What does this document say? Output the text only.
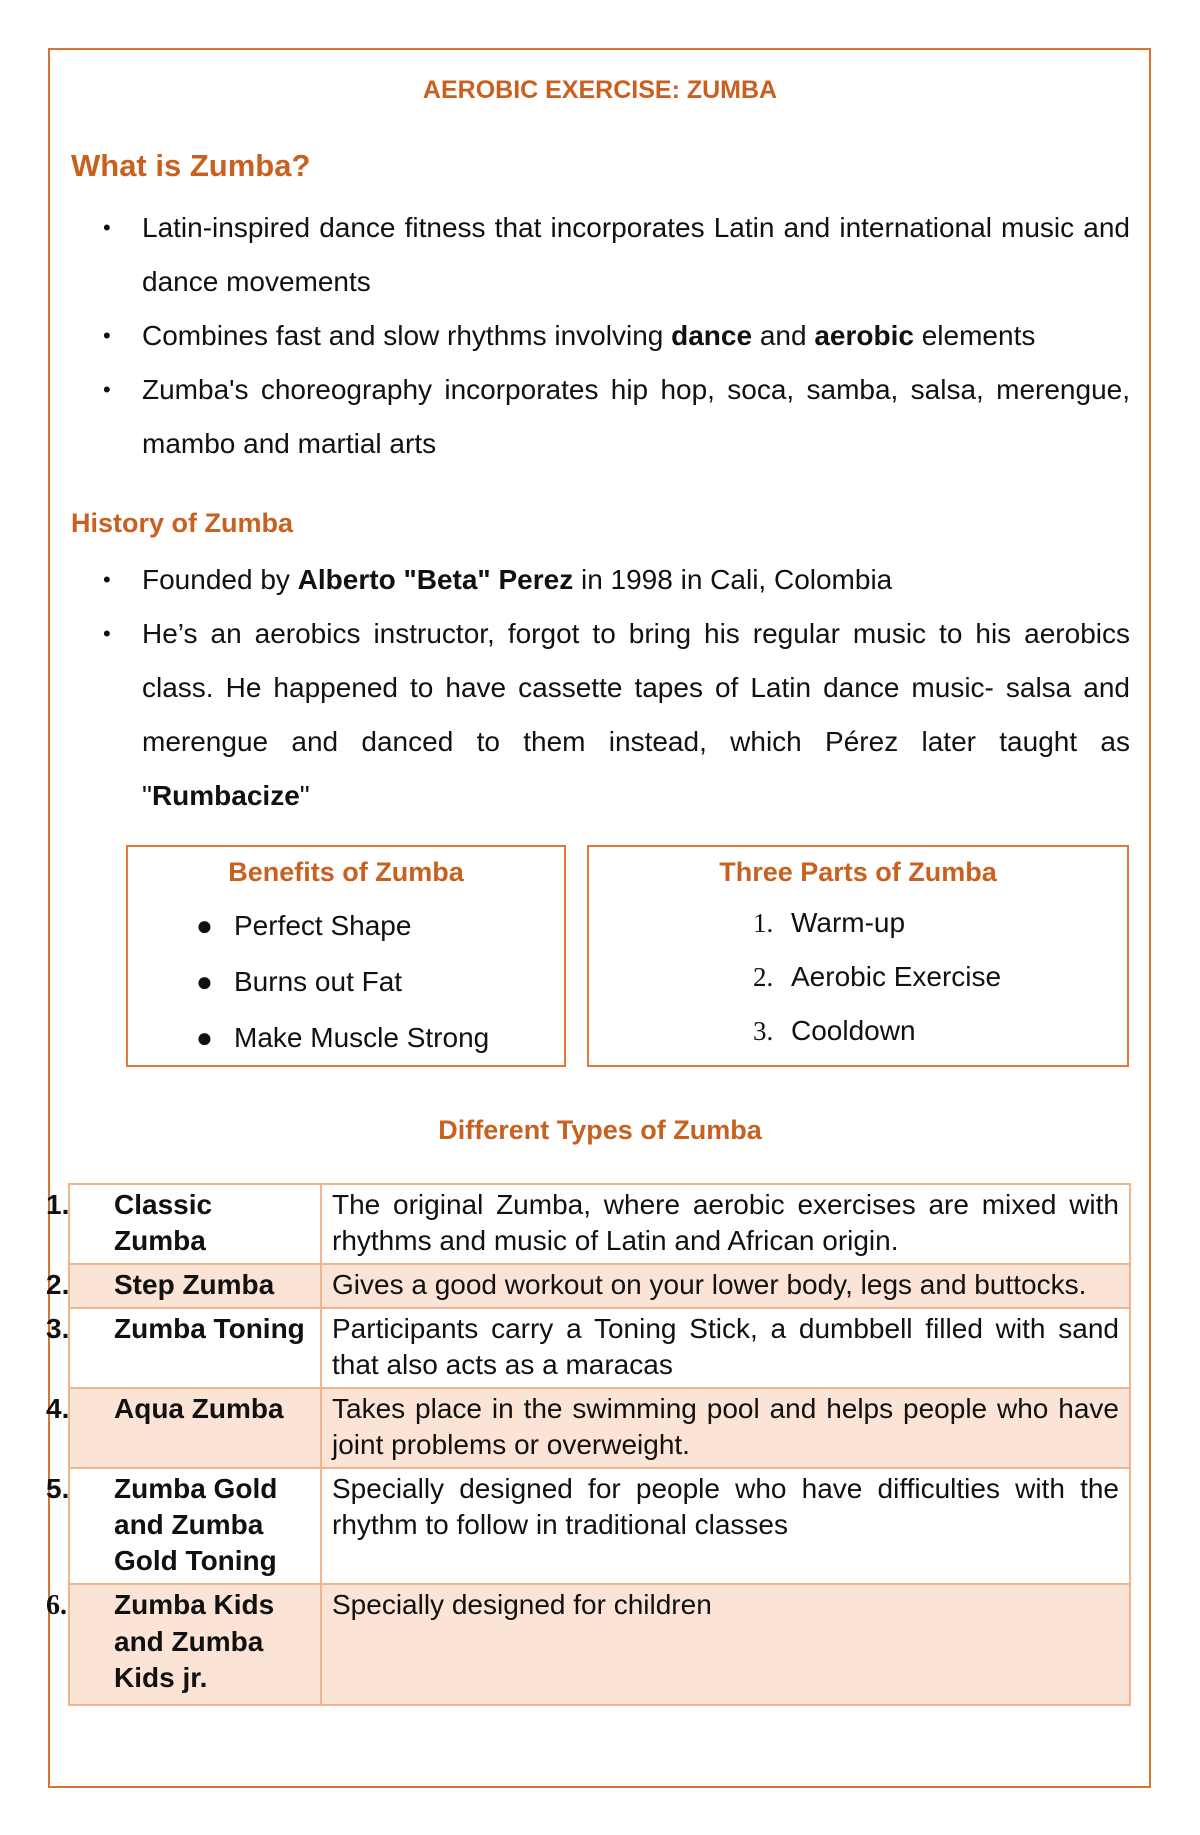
AEROBIC EXERCISE: ZUMBA
What is Zumba?
• Latin-inspired dance fitness that incorporates Latin and international music and dance movements
• Combines fast and slow rhythms involving dance and aerobic elements
• Zumba's choreography incorporates hip hop, soca, samba, salsa, merengue, mambo and martial arts
History of Zumba
• Founded by Alberto "Beta" Perez in 1998 in Cali, Colombia
• He’s an aerobics instructor, forgot to bring his regular music to his aerobics class. He happened to have cassette tapes of Latin dance music- salsa and merengue and danced to them instead, which Pérez later taught as "Rumbacize"
Benefits of Zumba
● Perfect Shape
● Burns out Fat
● Make Muscle Strong
Three Parts of Zumba
1. Warm-up
2. Aerobic Exercise
3. Cooldown
Different Types of Zumba
1. Classic Zumba	The original Zumba, where aerobic exercises are mixed with rhythms and music of Latin and African origin.

2. Step Zumba	Gives a good workout on your lower body, legs and buttocks.

3. Zumba Toning	Participants carry a Toning Stick, a dumbbell filled with sand that also acts as a maracas

4. Aqua Zumba	Takes place in the swimming pool and helps people who have joint problems or overweight.

5. Zumba Gold and Zumba Gold Toning	Specially designed for people who have difficulties with the rhythm to follow in traditional classes

6. Zumba Kids and Zumba Kids jr.	Specially designed for children
